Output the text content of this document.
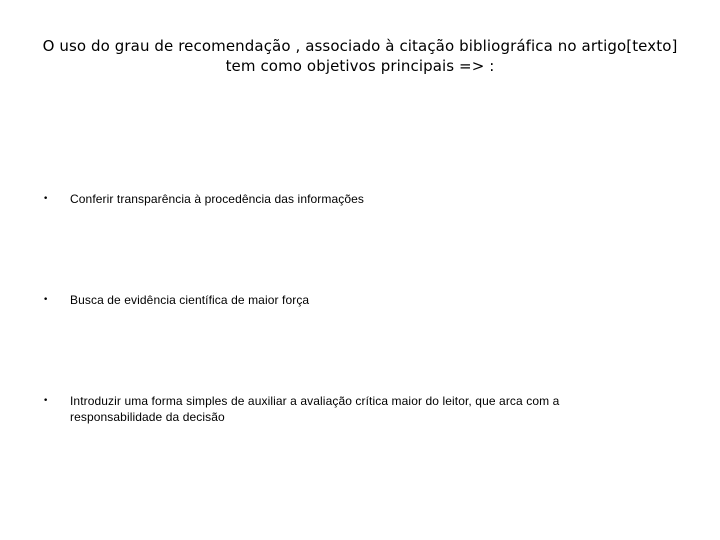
O uso do grau de recomendação , associado à citação bibliográfica no artigo[texto]
tem como objetivos principais => :
• Conferir transparência à procedência das informações
• Busca de evidência científica de maior força
• Introduzir uma forma simples de auxiliar a avaliação crítica maior do leitor, que arca com a responsabilidade da decisão
